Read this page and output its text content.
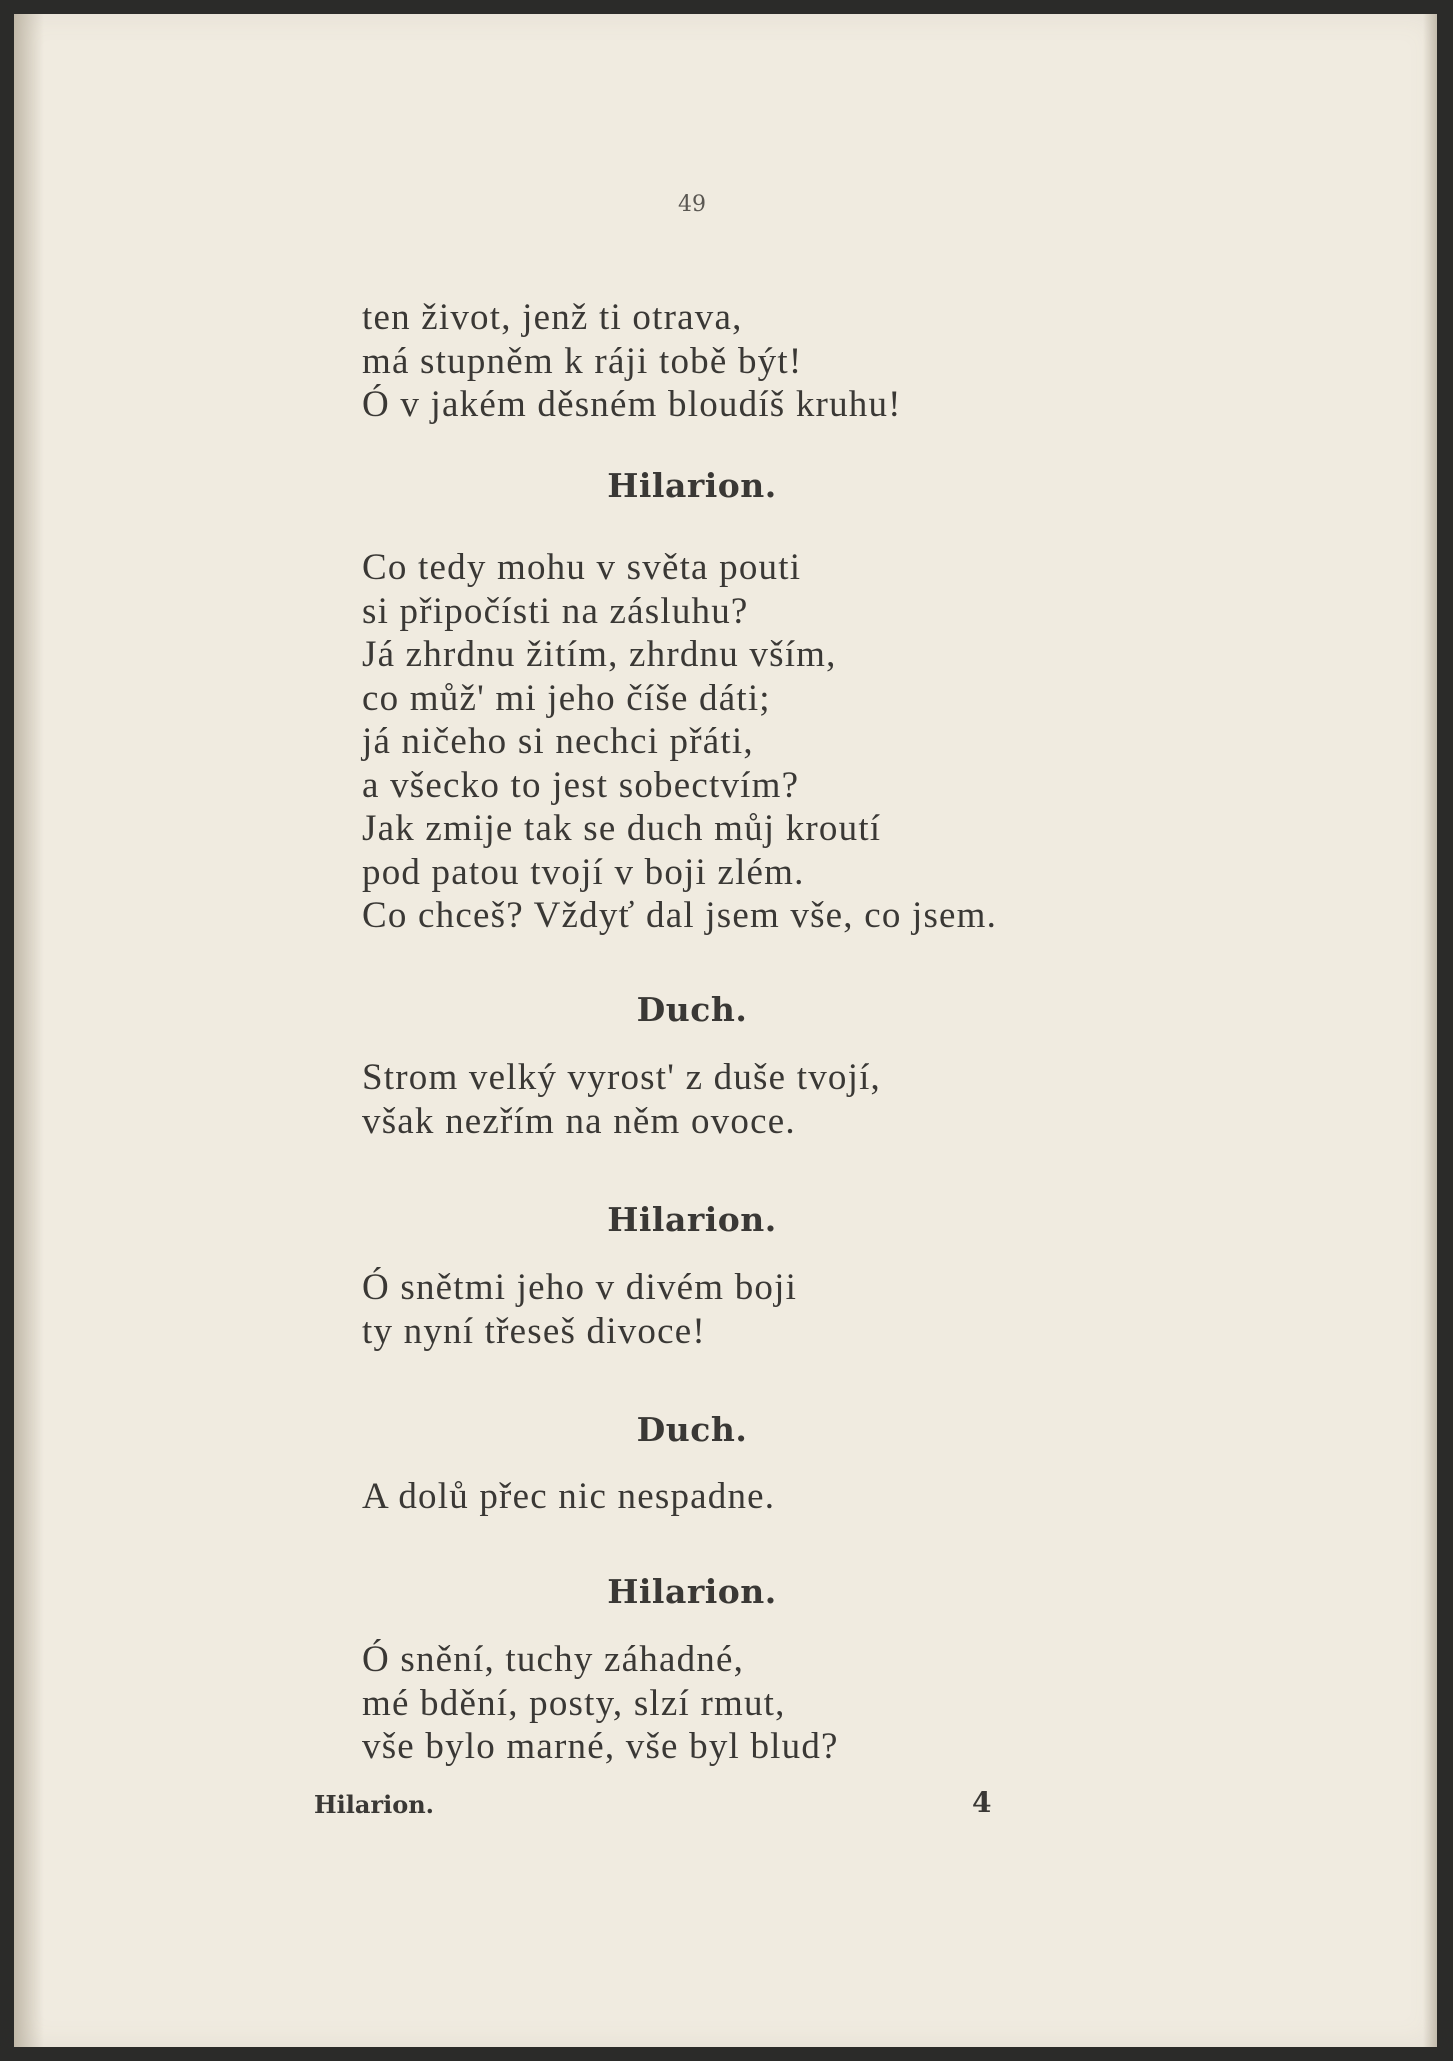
49
ten život, jenž ti otrava,
má stupněm k ráji tobě být!
Ó v jakém děsném bloudíš kruhu!
Hilarion.
Co tedy mohu v světa pouti
si připočísti na zásluhu?
Já zhrdnu žitím, zhrdnu vším,
co můž' mi jeho číše dáti;
já ničeho si nechci přáti,
a všecko to jest sobectvím?
Jak zmije tak se duch můj kroutí
pod patou tvojí v boji zlém.
Co chceš? Vždyť dal jsem vše, co jsem.
Duch.
Strom velký vyrost' z duše tvojí,
však nezřím na něm ovoce.
Hilarion.
Ó snětmi jeho v divém boji
ty nyní třeseš divoce!
Duch.
A dolů přec nic nespadne.
Hilarion.
Ó snění, tuchy záhadné,
mé bdění, posty, slzí rmut,
vše bylo marné, vše byl blud?
Hilarion.	4
